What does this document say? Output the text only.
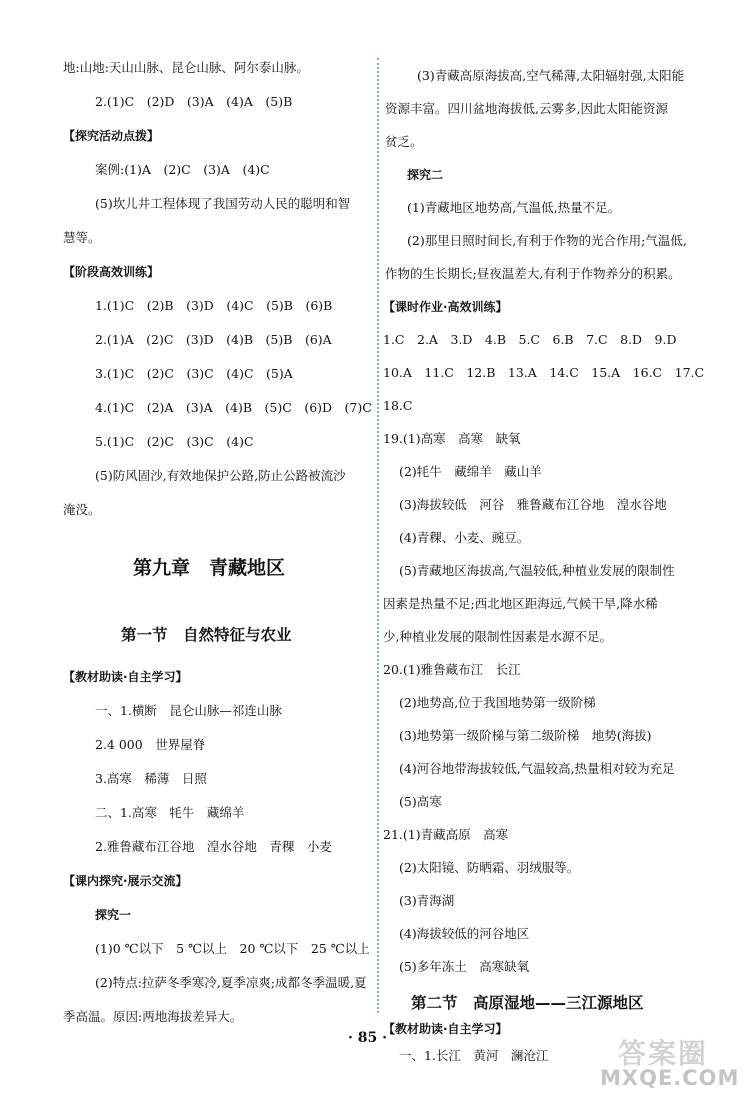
地:山地:天山山脉、昆仑山脉、阿尔泰山脉。
2.(1)C　(2)D　(3)A　(4)A　(5)B
【探究活动点拨】
案例:(1)A　(2)C　(3)A　(4)C
(5)坎儿井工程体现了我国劳动人民的聪明和智
慧等。
【阶段高效训练】
1.(1)C　(2)B　(3)D　(4)C　(5)B　(6)B
2.(1)A　(2)C　(3)D　(4)B　(5)B　(6)A
3.(1)C　(2)C　(3)C　(4)C　(5)A
4.(1)C　(2)A　(3)A　(4)B　(5)C　(6)D　(7)C
5.(1)C　(2)C　(3)C　(4)C
(5)防风固沙,有效地保护公路,防止公路被流沙
淹没。
第九章　青藏地区
第一节　自然特征与农业
【教材助读·自主学习】
一、1.横断　昆仑山脉—祁连山脉
2.4 000　世界屋脊
3.高寒　稀薄　日照
二、1.高寒　牦牛　藏绵羊
2.雅鲁藏布江谷地　湟水谷地　青稞　小麦
【课内探究·展示交流】
探究一
(1)0 ℃以下　5 ℃以上　20 ℃以下　25 ℃以上
(2)特点:拉萨冬季寒冷,夏季凉爽;成都冬季温暖,夏
季高温。原因:两地海拔差异大。
(3)青藏高原海拔高,空气稀薄,太阳辐射强,太阳能
资源丰富。四川盆地海拔低,云雾多,因此太阳能资源
贫乏。
探究二
(1)青藏地区地势高,气温低,热量不足。
(2)那里日照时间长,有利于作物的光合作用;气温低,
作物的生长期长;昼夜温差大,有利于作物养分的积累。
【课时作业·高效训练】
1.C　2.A　3.D　4.B　5.C　6.B　7.C　8.D　9.D
10.A　11.C　12.B　13.A　14.C　15.A　16.C　17.C
18.C
19.(1)高寒　高寒　缺氧
(2)牦牛　藏绵羊　藏山羊
(3)海拔较低　河谷　雅鲁藏布江谷地　湟水谷地
(4)青稞、小麦、豌豆。
(5)青藏地区海拔高,气温较低,种植业发展的限制性
因素是热量不足;西北地区距海远,气候干旱,降水稀
少,种植业发展的限制性因素是水源不足。
20.(1)雅鲁藏布江　长江
(2)地势高,位于我国地势第一级阶梯
(3)地势第一级阶梯与第二级阶梯　地势(海拔)
(4)河谷地带海拔较低,气温较高,热量相对较为充足
(5)高寒
21.(1)青藏高原　高寒
(2)太阳镜、防晒霜、羽绒服等。
(3)青海湖
(4)海拔较低的河谷地区
(5)多年冻土　高寒缺氧
第二节　高原湿地——三江源地区
【教材助读·自主学习】
一、1.长江　黄河　澜沧江
· 85 ·	答案圈
MXQE.COM
